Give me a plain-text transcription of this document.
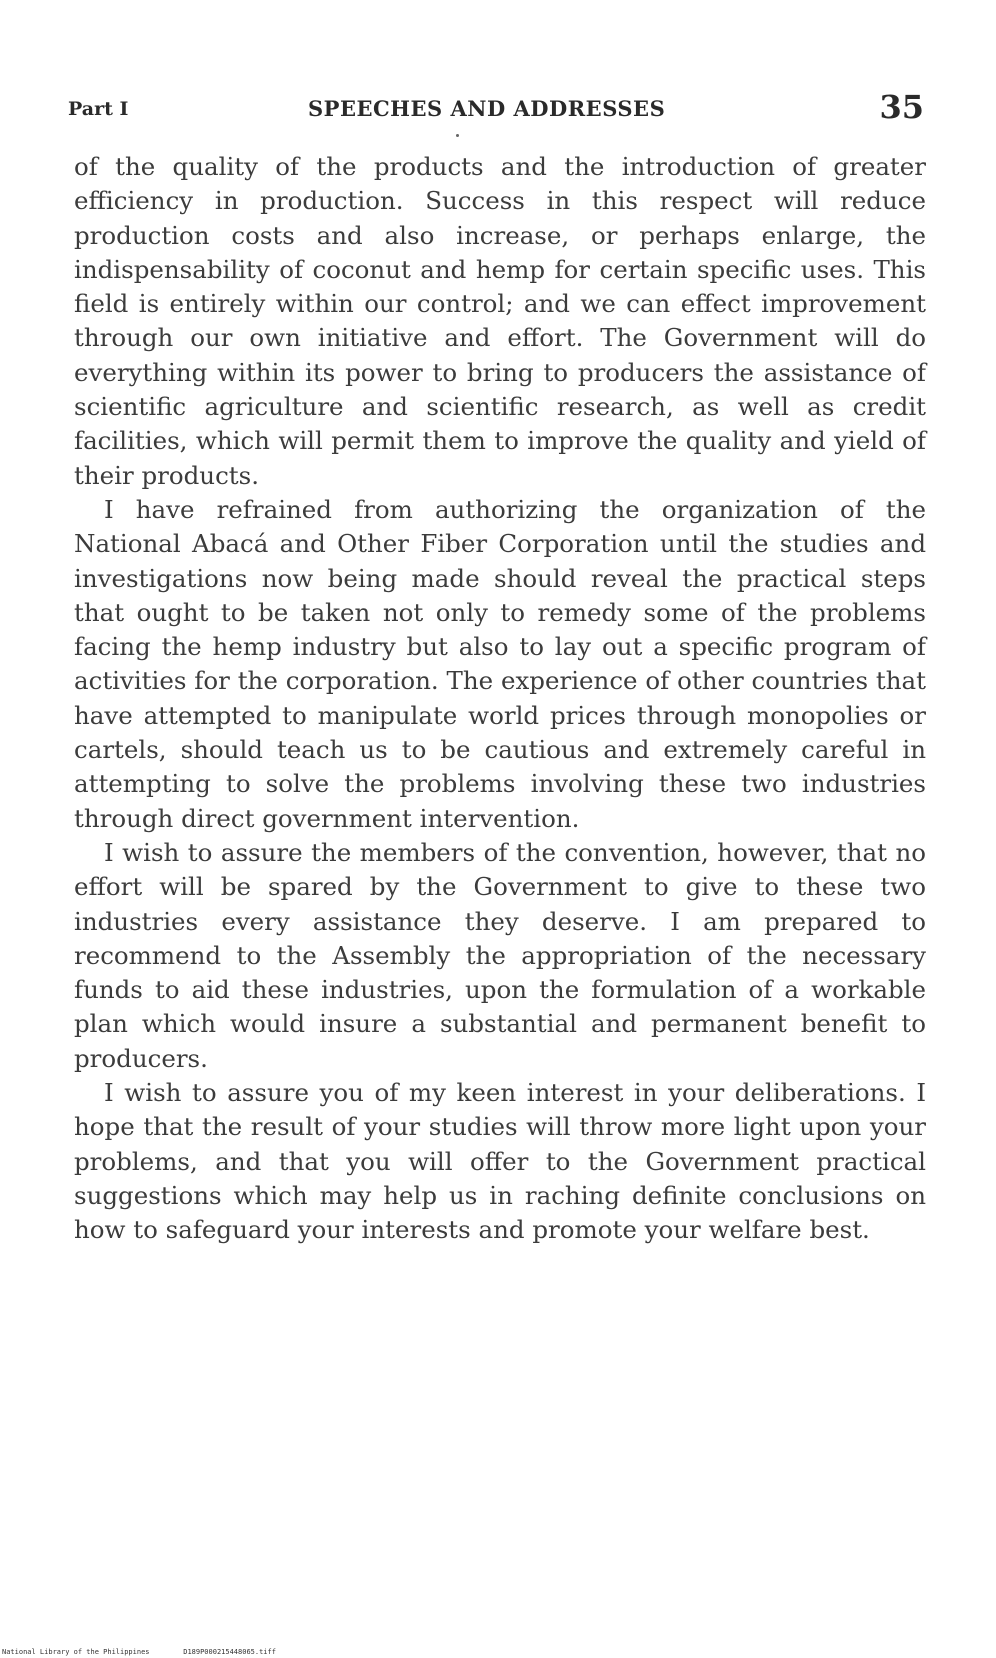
Part I	SPEECHES AND ADDRESSES	35

of the quality of the products and the introduction of greater efficiency in production. Success in this respect will reduce production costs and also increase, or perhaps enlarge, the indispensability of coconut and hemp for certain specific uses. This field is entirely within our control; and we can effect improvement through our own initiative and effort. The Government will do everything within its power to bring to producers the assistance of scientific agriculture and scientific research, as well as credit facilities, which will permit them to improve the quality and yield of their products.

I have refrained from authorizing the organization of the National Abacá and Other Fiber Corporation until the studies and investigations now being made should reveal the practical steps that ought to be taken not only to remedy some of the problems facing the hemp industry but also to lay out a specific program of activities for the corporation. The experience of other countries that have attempted to manipulate world prices through monopolies or cartels, should teach us to be cautious and extremely careful in attempting to solve the problems involving these two industries through direct government intervention.

I wish to assure the members of the convention, however, that no effort will be spared by the Government to give to these two industries every assistance they deserve. I am prepared to recommend to the Assembly the appropriation of the necessary funds to aid these industries, upon the formulation of a workable plan which would insure a substantial and permanent benefit to producers.

I wish to assure you of my keen interest in your deliberations. I hope that the result of your studies will throw more light upon your problems, and that you will offer to the Government practical suggestions which may help us in raching definite conclusions on how to safeguard your interests and promote your welfare best.

National Library of the Philippines	D189P000215448065.tiff
